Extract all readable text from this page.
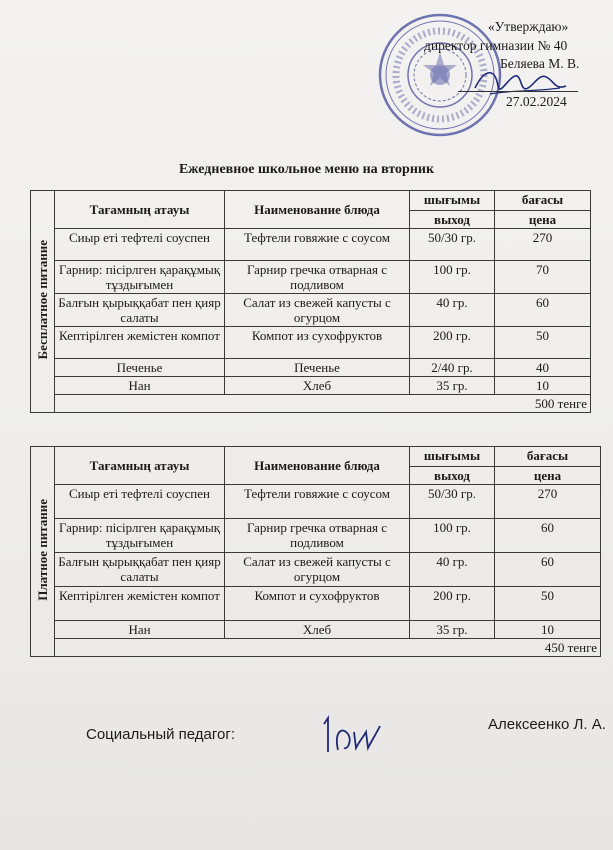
«Утверждаю»
директор гимназии № 40
Беляева М. В.
27.02.2024
Ежедневное школьное меню на вторник
Бесплатное питание	Тағамның атауы	Наименование блюда	шығымы	бағасы
			выход	цена
	Сиыр еті тефтелі соуспен	Тефтели говяжие с соусом	50/30 гр.	270
	Гарнир: пісірлген қарақұмық тұздығымен	Гарнир гречка отварная с подливом	100 гр.	70
	Балғын қырыққабат пен қияр салаты	Салат из свежей капусты с огурцом	40 гр.	60
	Кептірілген жемістен компот	Компот из сухофруктов	200 гр.	50
	Печенье	Печенье	2/40 гр.	40
	Нан	Хлеб	35 гр.	10
	500 тенге			
Платное питание	Тағамның атауы	Наименование блюда	шығымы	бағасы
			выход	цена
	Сиыр еті тефтелі соуспен	Тефтели говяжие с соусом	50/30 гр.	270
	Гарнир: пісірлген қарақұмық тұздығымен	Гарнир гречка отварная с подливом	100 гр.	60
	Балғын қырыққабат пен қияр салаты	Салат из свежей капусты с огурцом	40 гр.	60
	Кептірілген жемістен компот	Компот и сухофруктов	200 гр.	50
	Нан	Хлеб	35 гр.	10
	450 тенге			
Социальный педагог:
Алексеенко Л. А.
